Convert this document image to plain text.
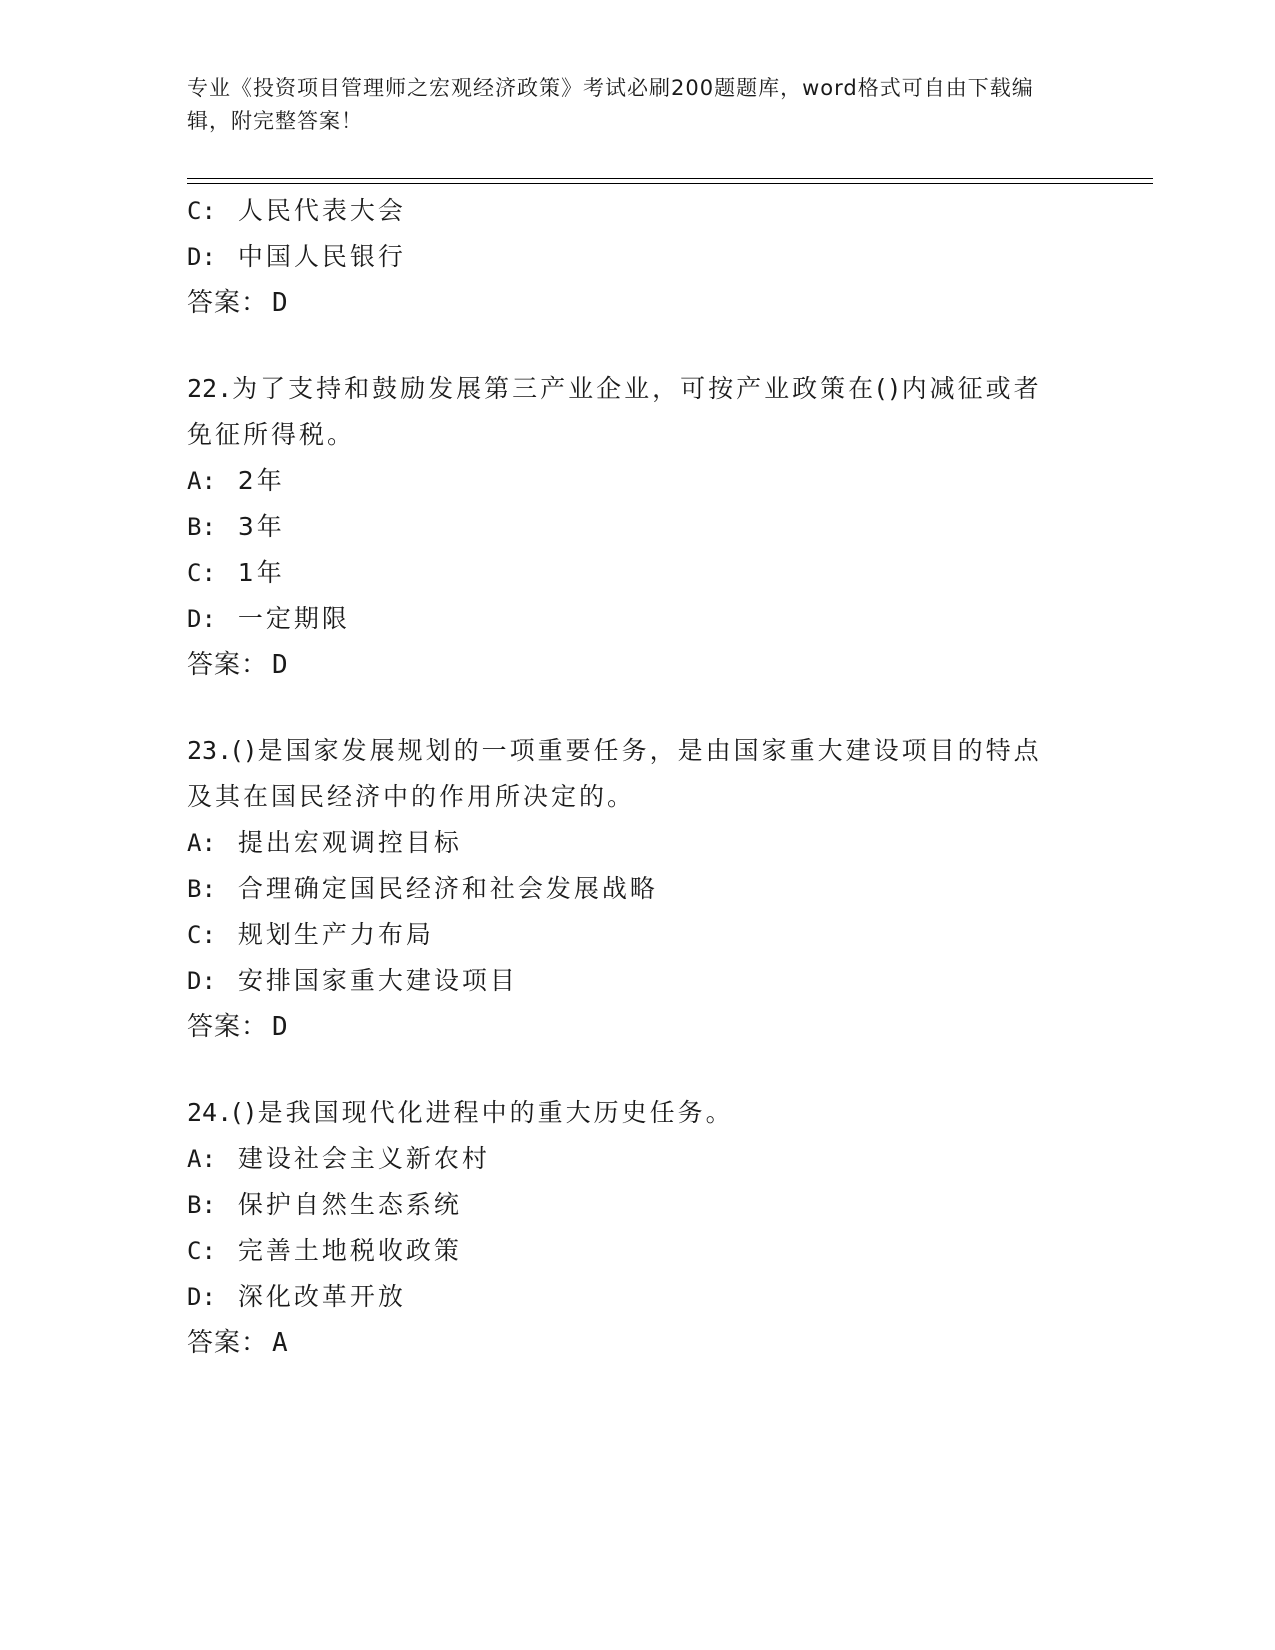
专业《投资项目管理师之宏观经济政策》考试必刷200题题库，word格式可自由下载编辑，附完整答案！
C: 人民代表大会
D: 中国人民银行
答案： D
22.为了支持和鼓励发展第三产业企业，可按产业政策在()内减征或者
免征所得税。
A: 2年
B: 3年
C: 1年
D: 一定期限
答案： D
23.()是国家发展规划的一项重要任务，是由国家重大建设项目的特点
及其在国民经济中的作用所决定的。
A: 提出宏观调控目标
B: 合理确定国民经济和社会发展战略
C: 规划生产力布局
D: 安排国家重大建设项目
答案： D
24.()是我国现代化进程中的重大历史任务。
A: 建设社会主义新农村
B: 保护自然生态系统
C: 完善土地税收政策
D: 深化改革开放
答案： A
